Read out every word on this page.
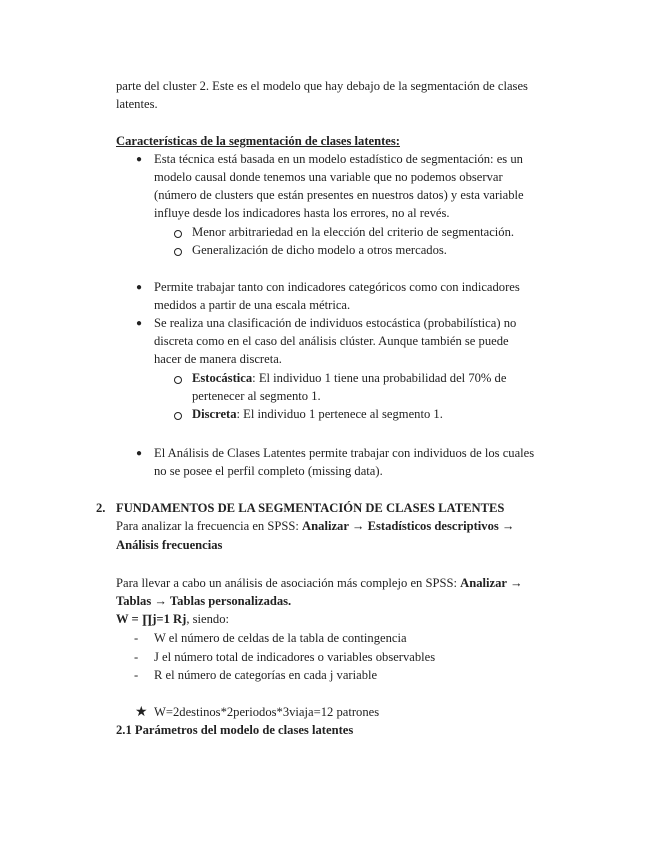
parte del cluster 2. Este es el modelo que hay debajo de la segmentación de clases
latentes.
Características de la segmentación de clases latentes:
● Esta técnica está basada en un modelo estadístico de segmentación: es un
modelo causal donde tenemos una variable que no podemos observar
(número de clusters que están presentes en nuestros datos) y esta variable
influye desde los indicadores hasta los errores, no al revés.
Menor arbitrariedad en la elección del criterio de segmentación.
Generalización de dicho modelo a otros mercados.
● Permite trabajar tanto con indicadores categóricos como con indicadores
medidos a partir de una escala métrica.
● Se realiza una clasificación de individuos estocástica (probabilística) no
discreta como en el caso del análisis clúster. Aunque también se puede
hacer de manera discreta.
Estocástica: El individuo 1 tiene una probabilidad del 70% de
pertenecer al segmento 1.
Discreta: El individuo 1 pertenece al segmento 1.
● El Análisis de Clases Latentes permite trabajar con individuos de los cuales
no se posee el perfil completo (missing data).
2. FUNDAMENTOS DE LA SEGMENTACIÓN DE CLASES LATENTES
Para analizar la frecuencia en SPSS: Analizar → Estadísticos descriptivos →
Análisis frecuencias
Para llevar a cabo un análisis de asociación más complejo en SPSS: Analizar →
Tablas → Tablas personalizadas.
W = ∏j=1 Rj, siendo:
- W el número de celdas de la tabla de contingencia
- J el número total de indicadores o variables observables
- R el número de categorías en cada j variable
★ W=2destinos*2periodos*3viaja=12 patrones
2.1 Parámetros del modelo de clases latentes
